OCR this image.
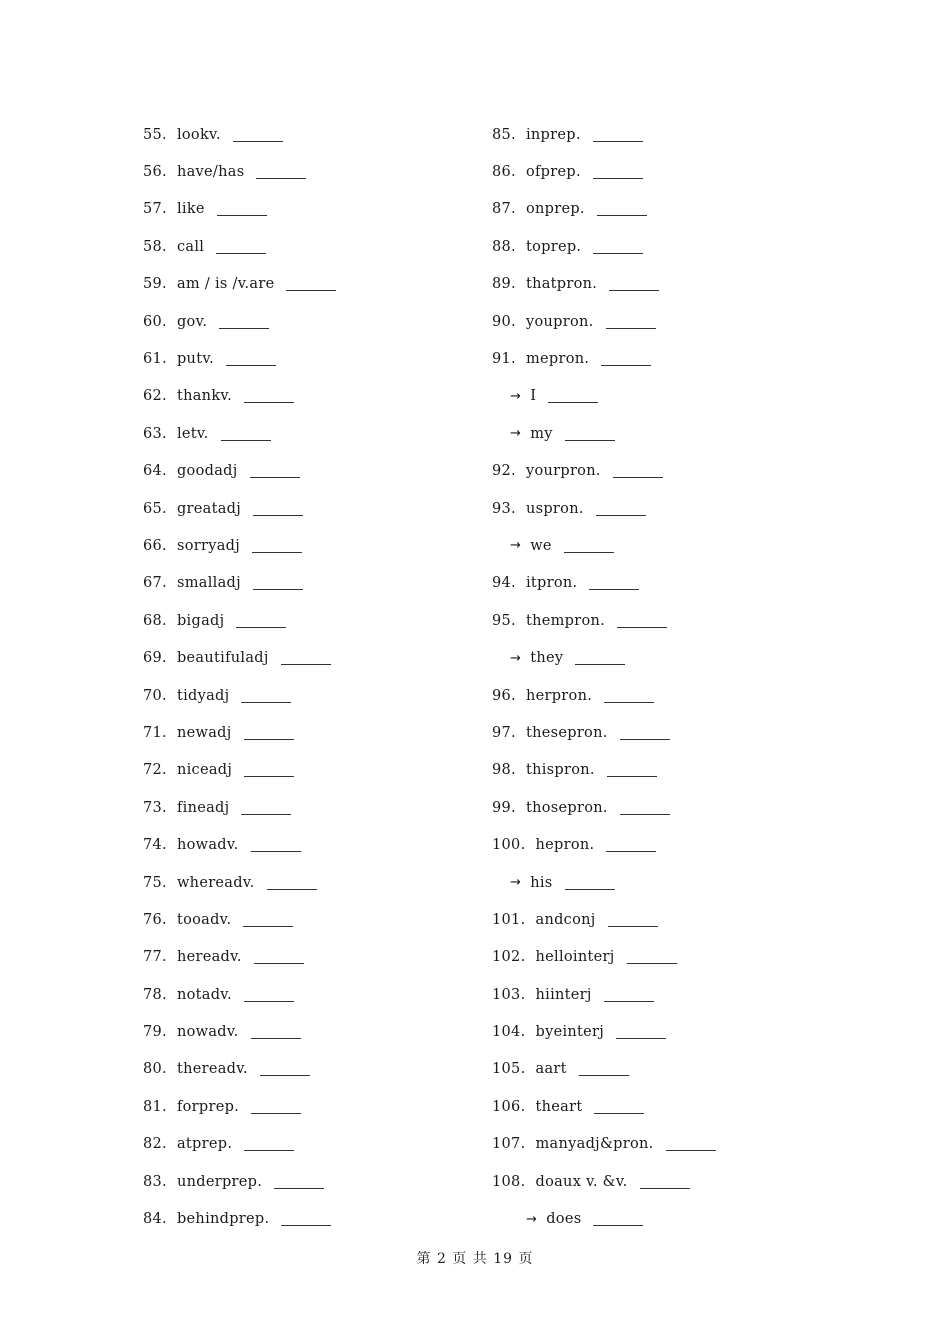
55. lookv.
56. have/has
57. like
58. call
59. am / is /v.are
60. gov.
61. putv.
62. thankv.
63. letv.
64. goodadj
65. greatadj
66. sorryadj
67. smalladj
68. bigadj
69. beautifuladj
70. tidyadj
71. newadj
72. niceadj
73. fineadj
74. howadv.
75. whereadv.
76. tooadv.
77. hereadv.
78. notadv.
79. nowadv.
80. thereadv.
81. forprep.
82. atprep.
83. underprep.
84. behindprep.
85. inprep.
86. ofprep.
87. onprep.
88. toprep.
89. thatpron.
90. youpron.
91. mepron.
→ I
→ my
92. yourpron.
93. uspron.
→ we
94. itpron.
95. thempron.
→ they
96. herpron.
97. thesepron.
98. thispron.
99. thosepron.
100. hepron.
→ his
101. andconj
102. hellointerj
103. hiinterj
104. byeinterj
105. aart
106. theart
107. manyadj&pron.
108. doaux v. &v.
→ does
第 2 页 共 19 页
